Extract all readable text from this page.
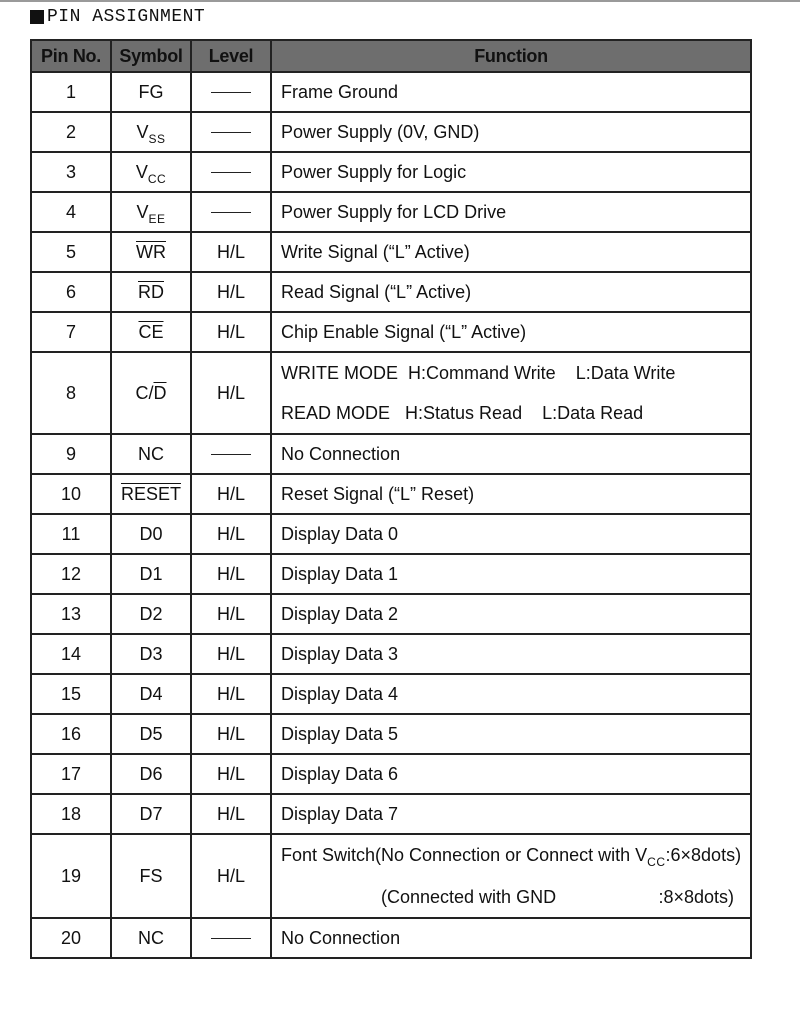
PIN ASSIGNMENT
Pin No.	Symbol	Level	Function
1	FG		Frame Ground
2	$V_{SS}$		Power Supply (0V, GND)
3	$V_{CC}$		Power Supply for Logic
4	$V_{EE}$		Power Supply for LCD Drive
5	$\overline{WR}$	H/L	Write Signal (“L” Active)
6	$\overline{RD}$	H/L	Read Signal (“L” Active)
7	$\overline{CE}$	H/L	Chip Enable Signal (“L” Active)
8	$C/\overline{D}$	H/L	WRITE MODE  H:Command Write    L:Data Write
READ MODE   H:Status Read    L:Data Read

9	NC		No Connection
10	RESET	H/L	Reset Signal (“L” Reset)
11	D0	H/L	Display Data 0
12	D1	H/L	Display Data 1
13	D2	H/L	Display Data 2
14	D3	H/L	Display Data 3
15	D4	H/L	Display Data 4
16	D5	H/L	Display Data 5
17	D6	H/L	Display Data 6
18	D7	H/L	Display Data 7
19	FS	H/L	Font Switch(No Connection or Connect with $V_{CC}:6\times 8dots$)
(Connected with GND :8×8dots)

20	NC		No Connection
